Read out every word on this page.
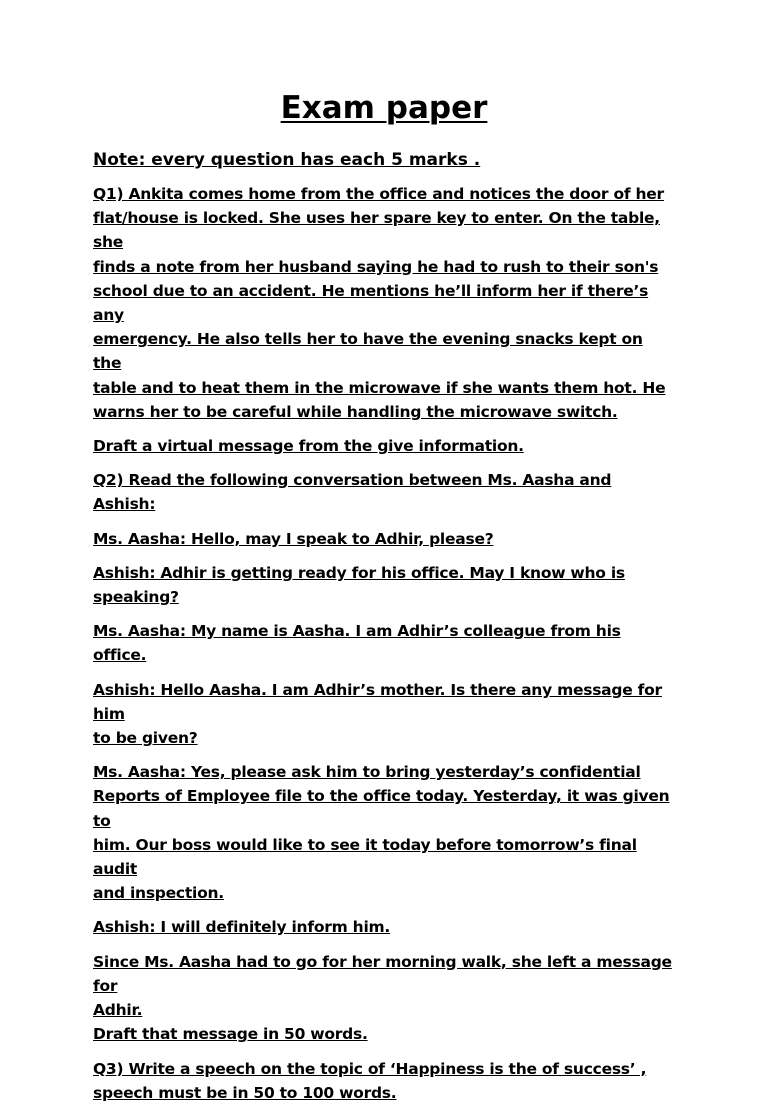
Exam paper
Note: every question has each 5 marks .
Q1) Ankita comes home from the office and notices the door of her
flat/house is locked. She uses her spare key to enter. On the table, she
finds a note from her husband saying he had to rush to their son's
school due to an accident. He mentions he’ll inform her if there’s any
emergency. He also tells her to have the evening snacks kept on the
table and to heat them in the microwave if she wants them hot. He
warns her to be careful while handling the microwave switch.
Draft a virtual message from the give information.
Q2) Read the following conversation between Ms. Aasha and Ashish:
Ms. Aasha: Hello, may I speak to Adhir, please?
Ashish: Adhir is getting ready for his office. May I know who is
speaking?
Ms. Aasha: My name is Aasha. I am Adhir’s colleague from his office.
Ashish: Hello Aasha. I am Adhir’s mother. Is there any message for him
to be given?
Ms. Aasha: Yes, please ask him to bring yesterday’s confidential
Reports of Employee file to the office today. Yesterday, it was given to
him. Our boss would like to see it today before tomorrow’s final audit
and inspection.
Ashish: I will definitely inform him.
Since Ms. Aasha had to go for her morning walk, she left a message for
Adhir.
Draft that message in 50 words.
Q3) Write a speech on the topic of ‘Happiness is the of success’ ,
speech must be in 50 to 100 words.
